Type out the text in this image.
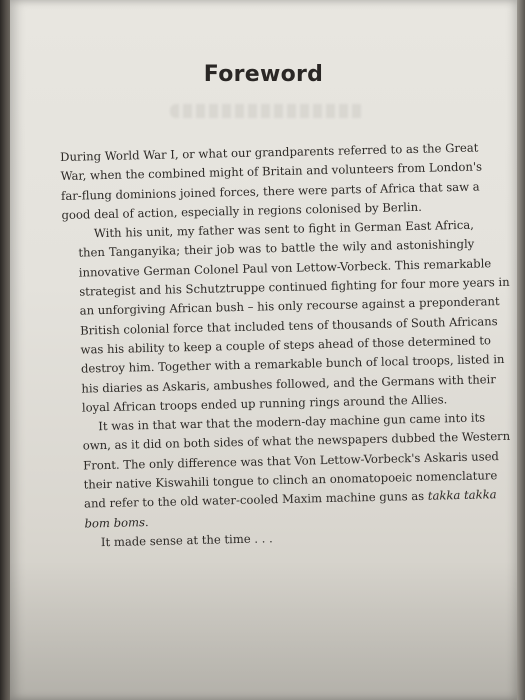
Foreword

During World War I, or what our grandparents referred to as the Great
War, when the combined might of Britain and volunteers from London's
far-flung dominions joined forces, there were parts of Africa that saw a
good deal of action, especially in regions colonised by Berlin.

With his unit, my father was sent to fight in German East Africa,
then Tanganyika; their job was to battle the wily and astonishingly
innovative German Colonel Paul von Lettow-Vorbeck. This remarkable
strategist and his Schutztruppe continued fighting for four more years in
an unforgiving African bush – his only recourse against a preponderant
British colonial force that included tens of thousands of South Africans
was his ability to keep a couple of steps ahead of those determined to
destroy him. Together with a remarkable bunch of local troops, listed in
his diaries as Askaris, ambushes followed, and the Germans with their
loyal African troops ended up running rings around the Allies.

It was in that war that the modern-day machine gun came into its
own, as it did on both sides of what the newspapers dubbed the Western
Front. The only difference was that Von Lettow-Vorbeck's Askaris used
their native Kiswahili tongue to clinch an onomatopoeic nomenclature
and refer to the old water-cooled Maxim machine guns as takka takka
bom boms.

It made sense at the time . . .
